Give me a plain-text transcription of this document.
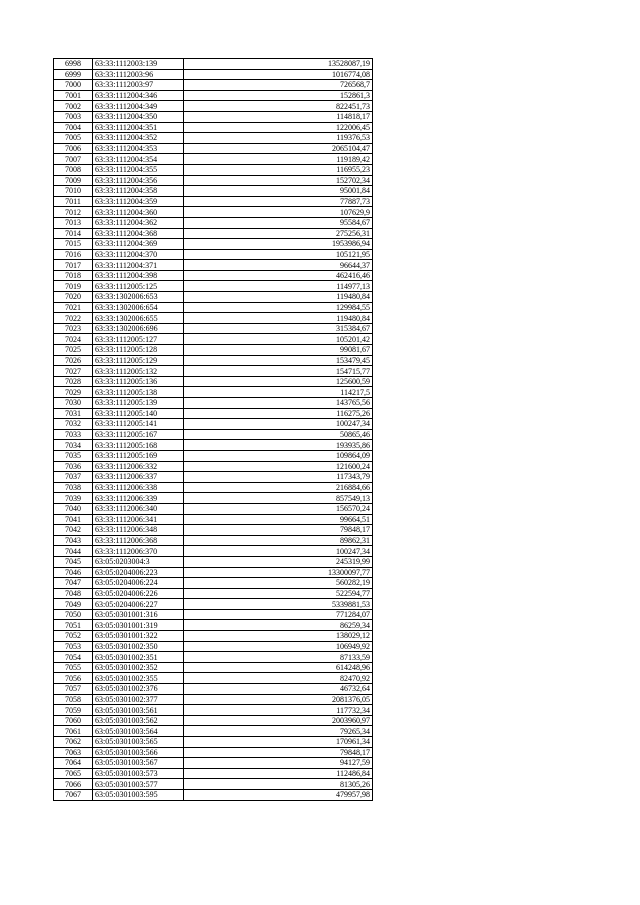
6998	63:33:1112003:139	13528087,19
6999	63:33:1112003:96	1016774,08
7000	63:33:1112003:97	726568,7
7001	63:33:1112004:346	152861,3
7002	63:33:1112004:349	822451,73
7003	63:33:1112004:350	114818,17
7004	63:33:1112004:351	122006,45
7005	63:33:1112004:352	119376,53
7006	63:33:1112004:353	2065104,47
7007	63:33:1112004:354	119189,42
7008	63:33:1112004:355	116955,23
7009	63:33:1112004:356	152702,34
7010	63:33:1112004:358	95001,84
7011	63:33:1112004:359	77887,73
7012	63:33:1112004:360	107629,9
7013	63:33:1112004:362	95584,67
7014	63:33:1112004:368	275256,31
7015	63:33:1112004:369	1953986,94
7016	63:33:1112004:370	105121,95
7017	63:33:1112004:371	96644,37
7018	63:33:1112004:398	462416,46
7019	63:33:1112005:125	114977,13
7020	63:33:1302006:653	119480,84
7021	63:33:1302006:654	129984,55
7022	63:33:1302006:655	119480,84
7023	63:33:1302006:696	315384,67
7024	63:33:1112005:127	105201,42
7025	63:33:1112005:128	99081,67
7026	63:33:1112005:129	153479,45
7027	63:33:1112005:132	154715,77
7028	63:33:1112005:136	125600,59
7029	63:33:1112005:138	114217,5
7030	63:33:1112005:139	143765,56
7031	63:33:1112005:140	116275,26
7032	63:33:1112005:141	100247,34
7033	63:33:1112005:167	50865,46
7034	63:33:1112005:168	193935,86
7035	63:33:1112005:169	109864,09
7036	63:33:1112006:332	121600,24
7037	63:33:1112006:337	117343,79
7038	63:33:1112006:338	216884,66
7039	63:33:1112006:339	857549,13
7040	63:33:1112006:340	156570,24
7041	63:33:1112006:341	99664,51
7042	63:33:1112006:348	79848,17
7043	63:33:1112006:368	89862,31
7044	63:33:1112006:370	100247,34
7045	63:05:0203004:3	245319,99
7046	63:05:0204006:223	13300097,77
7047	63:05:0204006:224	560282,19
7048	63:05:0204006:226	522594,77
7049	63:05:0204006:227	5339881,53
7050	63:05:0301001:316	771284,07
7051	63:05:0301001:319	86259,34
7052	63:05:0301001:322	138029,12
7053	63:05:0301002:350	106949,92
7054	63:05:0301002:351	87133,59
7055	63:05:0301002:352	614248,96
7056	63:05:0301002:355	82470,92
7057	63:05:0301002:376	46732,64
7058	63:05:0301002:377	2081376,05
7059	63:05:0301003:561	117732,34
7060	63:05:0301003:562	2003960,97
7061	63:05:0301003:564	79265,34
7062	63:05:0301003:565	170961,34
7063	63:05:0301003:566	79848,17
7064	63:05:0301003:567	94127,59
7065	63:05:0301003:573	112486,84
7066	63:05:0301003:577	81305,26
7067	63:05:0301003:595	479957,98
